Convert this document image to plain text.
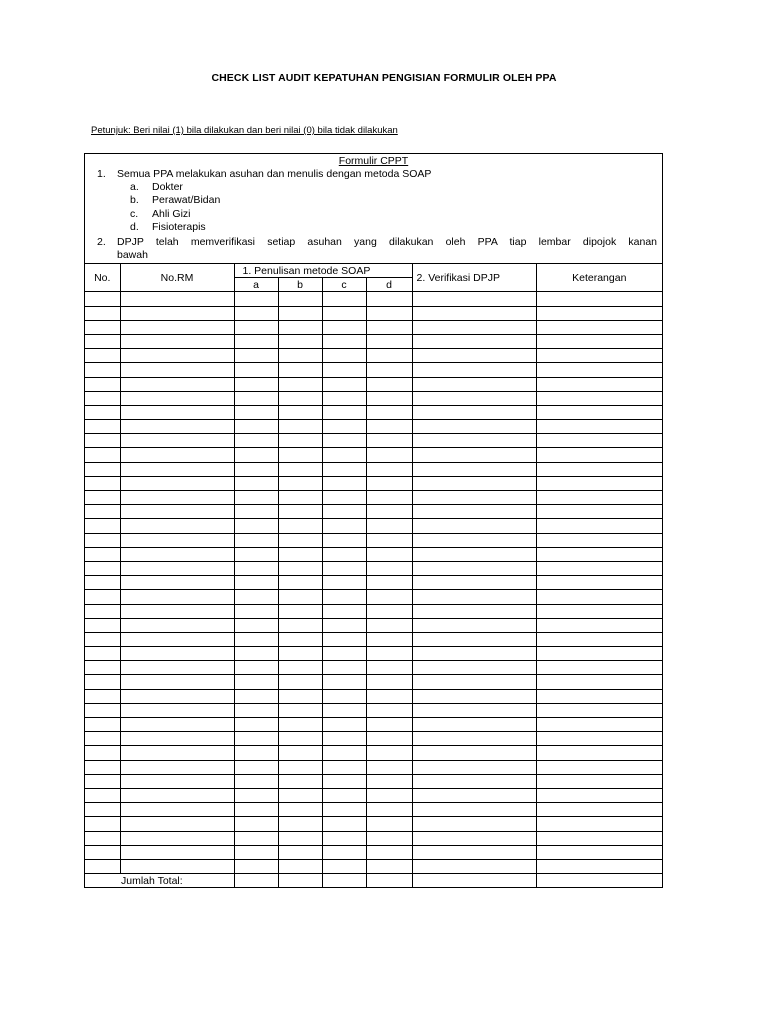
CHECK LIST AUDIT KEPATUHAN PENGISIAN FORMULIR OLEH PPA
Petunjuk: Beri nilai (1) bila dilakukan dan beri nilai (0) bila tidak dilakukan
Formulir CPPT
1. Semua PPA melakukan asuhan dan menulis dengan metoda SOAP
a. Dokter
b. Perawat/Bidan
c. Ahli Gizi
d. Fisioterapis
2. DPJP telah memverifikasi setiap asuhan yang dilakukan oleh PPA tiap lembar dipojok kanan
bawah
No.	No.RM	1. Penulisan metode SOAP				2. Verifikasi DPJP	Keterangan
		a	b	c	d		

Jumlah Total:							
